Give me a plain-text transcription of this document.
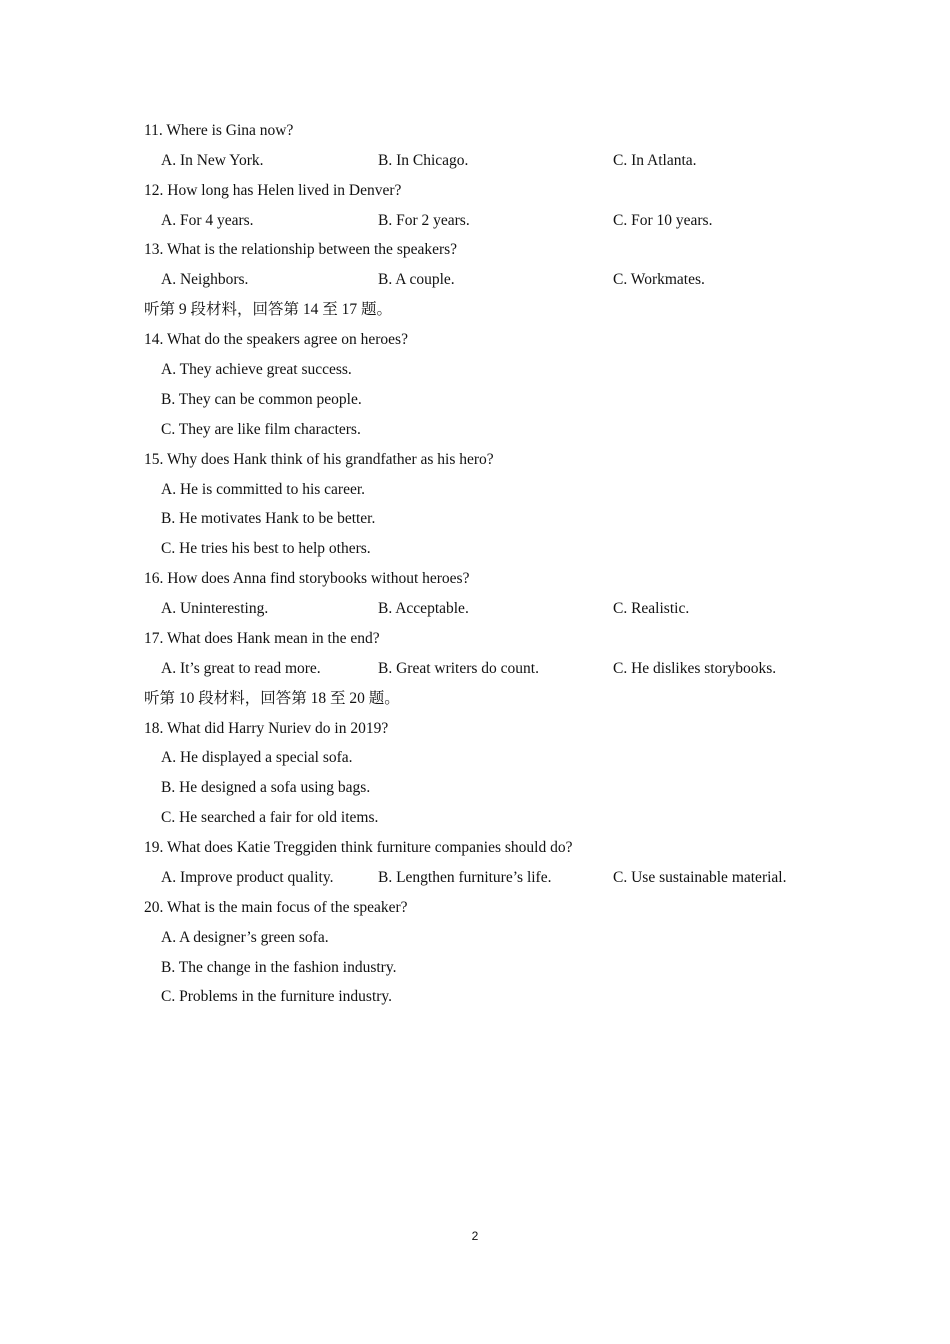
11. Where is Gina now?
A. In New York.	B. In Chicago.	C. In Atlanta.
12. How long has Helen lived in Denver?
A. For 4 years.	B. For 2 years.	C. For 10 years.
13. What is the relationship between the speakers?
A. Neighbors.	B. A couple.	C. Workmates.
听第 9 段材料，回答第 14 至 17 题。
14. What do the speakers agree on heroes?
A. They achieve great success.
B. They can be common people.
C. They are like film characters.
15. Why does Hank think of his grandfather as his hero?
A. He is committed to his career.
B. He motivates Hank to be better.
C. He tries his best to help others.
16. How does Anna find storybooks without heroes?
A. Uninteresting.	B. Acceptable.	C. Realistic.
17. What does Hank mean in the end?
A. It’s great to read more.	B. Great writers do count.	C. He dislikes storybooks.
听第 10 段材料，回答第 18 至 20 题。
18. What did Harry Nuriev do in 2019?
A. He displayed a special sofa.
B. He designed a sofa using bags.
C. He searched a fair for old items.
19. What does Katie Treggiden think furniture companies should do?
A. Improve product quality.	B. Lengthen furniture’s life.	C. Use sustainable material.
20. What is the main focus of the speaker?
A. A designer’s green sofa.
B. The change in the fashion industry.
C. Problems in the furniture industry.
2
